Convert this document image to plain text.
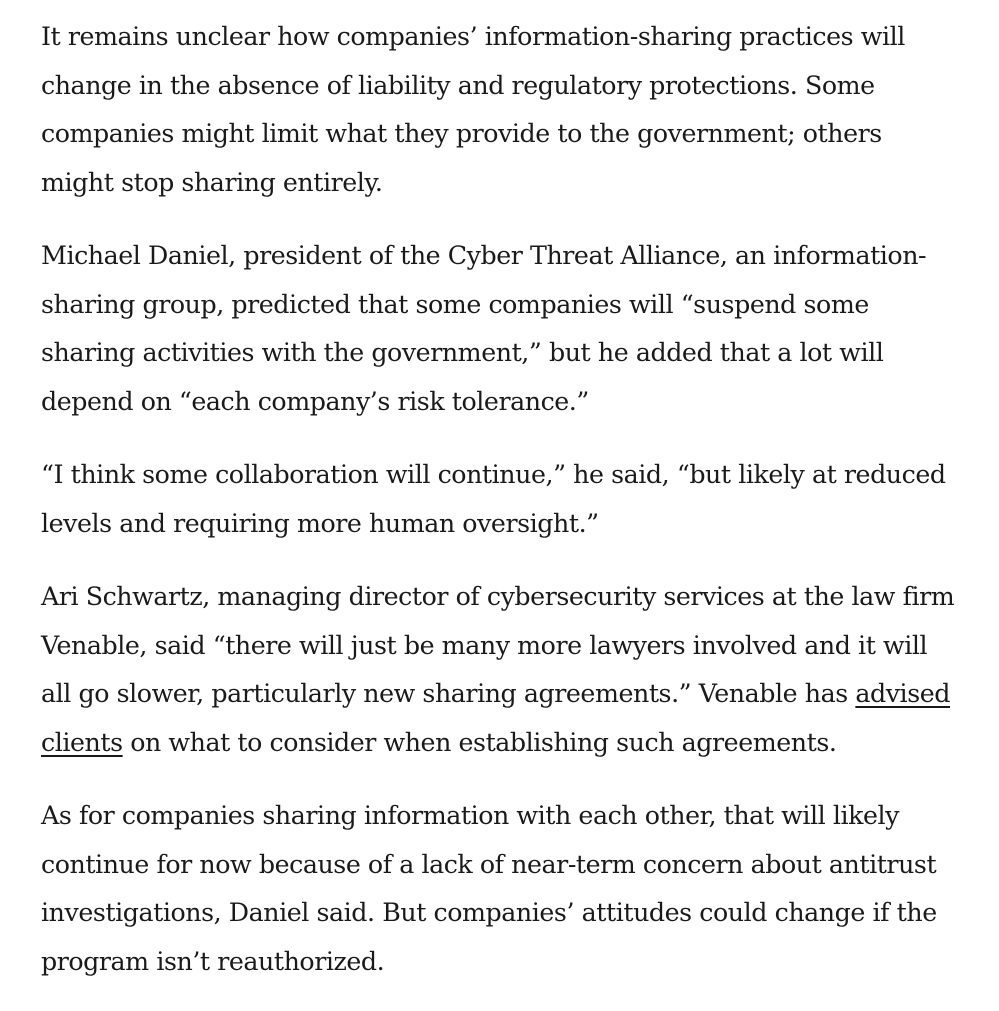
It remains unclear how companies’ information-sharing practices will change in the absence of liability and regulatory protections. Some companies might limit what they provide to the government; others might stop sharing entirely.

Michael Daniel, president of the Cyber Threat Alliance, an information-sharing group, predicted that some companies will “suspend some sharing activities with the government,” but he added that a lot will depend on “each company’s risk tolerance.”

“I think some collaboration will continue,” he said, “but likely at reduced levels and requiring more human oversight.”

Ari Schwartz, managing director of cybersecurity services at the law firm Venable, said “there will just be many more lawyers involved and it will all go slower, particularly new sharing agreements.” Venable has advised clients on what to consider when establishing such agreements.

As for companies sharing information with each other, that will likely continue for now because of a lack of near-term concern about antitrust investigations, Daniel said. But companies’ attitudes could change if the program isn’t reauthorized.
